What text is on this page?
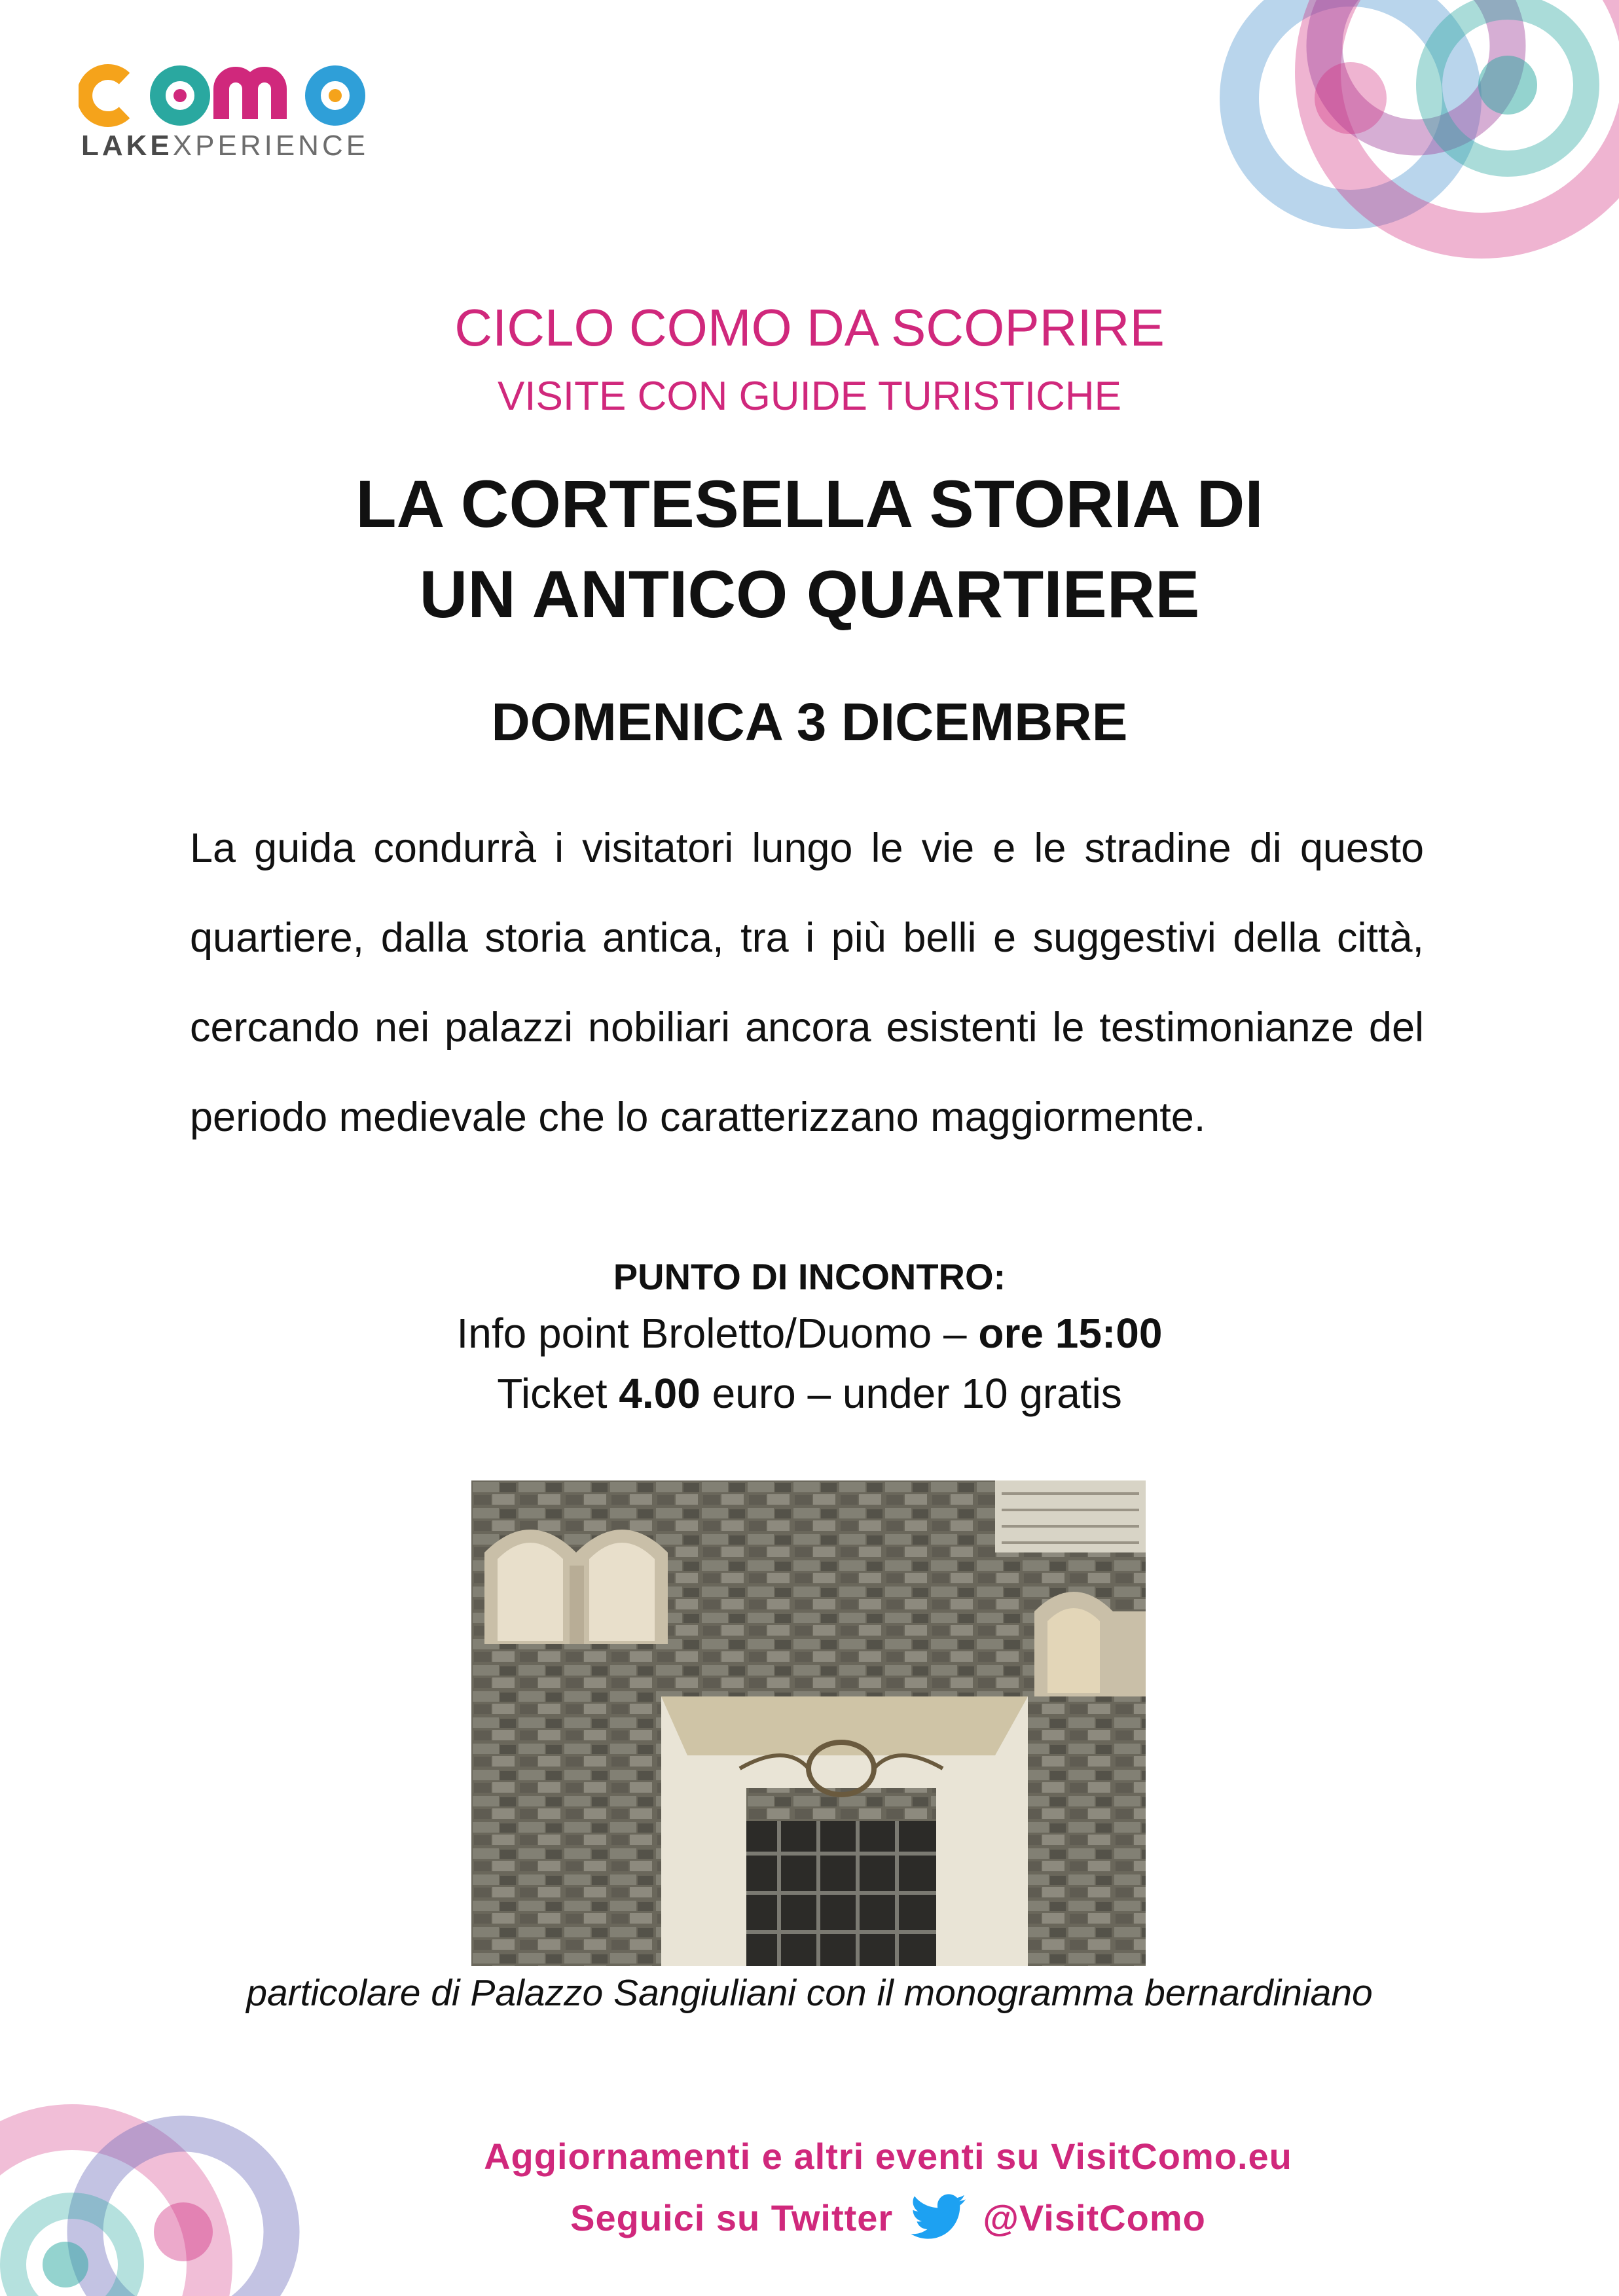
LAKEXPERIENCE
CICLO COMO DA SCOPRIRE
VISITE CON GUIDE TURISTICHE
LA CORTESELLA STORIA DI
UN ANTICO QUARTIERE
DOMENICA 3 DICEMBRE
La guida condurrà i visitatori lungo le vie e le stradine di questo quartiere, dalla storia antica, tra i più belli e suggestivi della città, cercando nei palazzi nobiliari ancora esistenti le testimonianze del periodo medievale che lo caratterizzano maggiormente.
PUNTO DI INCONTRO:
Info point Broletto/Duomo – ore 15:00
Ticket 4.00 euro – under 10 gratis
particolare di Palazzo Sangiuliani con il monogramma bernardiniano
Aggiornamenti e altri eventi su VisitComo.eu
Seguici su Twitter @VisitComo
